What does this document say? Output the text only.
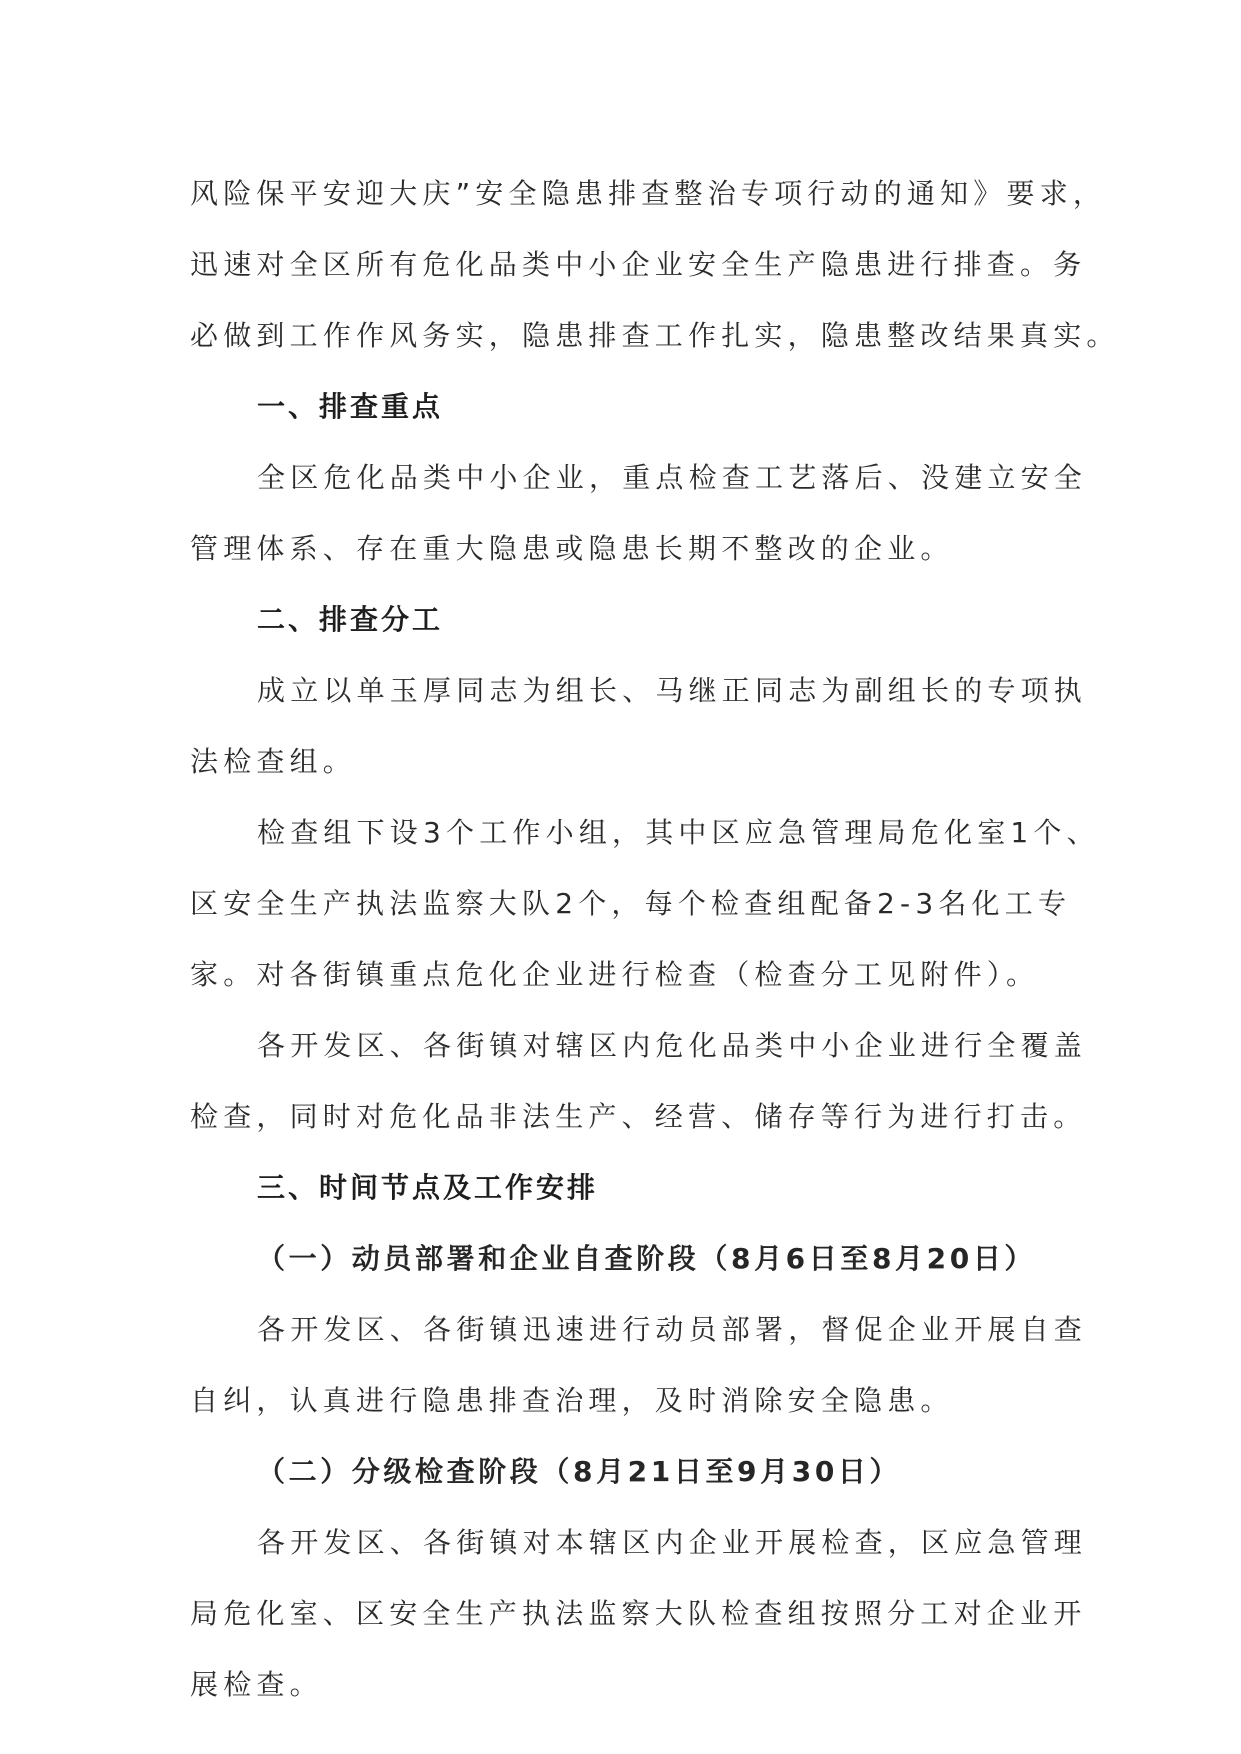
风险保平安迎大庆”安全隐患排查整治专项行动的通知》要求，
迅速对全区所有危化品类中小企业安全生产隐患进行排查。务
必做到工作作风务实，隐患排查工作扎实，隐患整改结果真实。

一、排查重点

全区危化品类中小企业，重点检查工艺落后、没建立安全
管理体系、存在重大隐患或隐患长期不整改的企业。

二、排查分工

成立以单玉厚同志为组长、马继正同志为副组长的专项执
法检查组。

检查组下设3个工作小组，其中区应急管理局危化室1个、
区安全生产执法监察大队2个，每个检查组配备2-3名化工专
家。对各街镇重点危化企业进行检查（检查分工见附件）。

各开发区、各街镇对辖区内危化品类中小企业进行全覆盖
检查，同时对危化品非法生产、经营、储存等行为进行打击。

三、时间节点及工作安排
（一）动员部署和企业自查阶段（8月6日至8月20日）

各开发区、各街镇迅速进行动员部署，督促企业开展自查
自纠，认真进行隐患排查治理，及时消除安全隐患。

（二）分级检查阶段（8月21日至9月30日）

各开发区、各街镇对本辖区内企业开展检查，区应急管理
局危化室、区安全生产执法监察大队检查组按照分工对企业开
展检查。
